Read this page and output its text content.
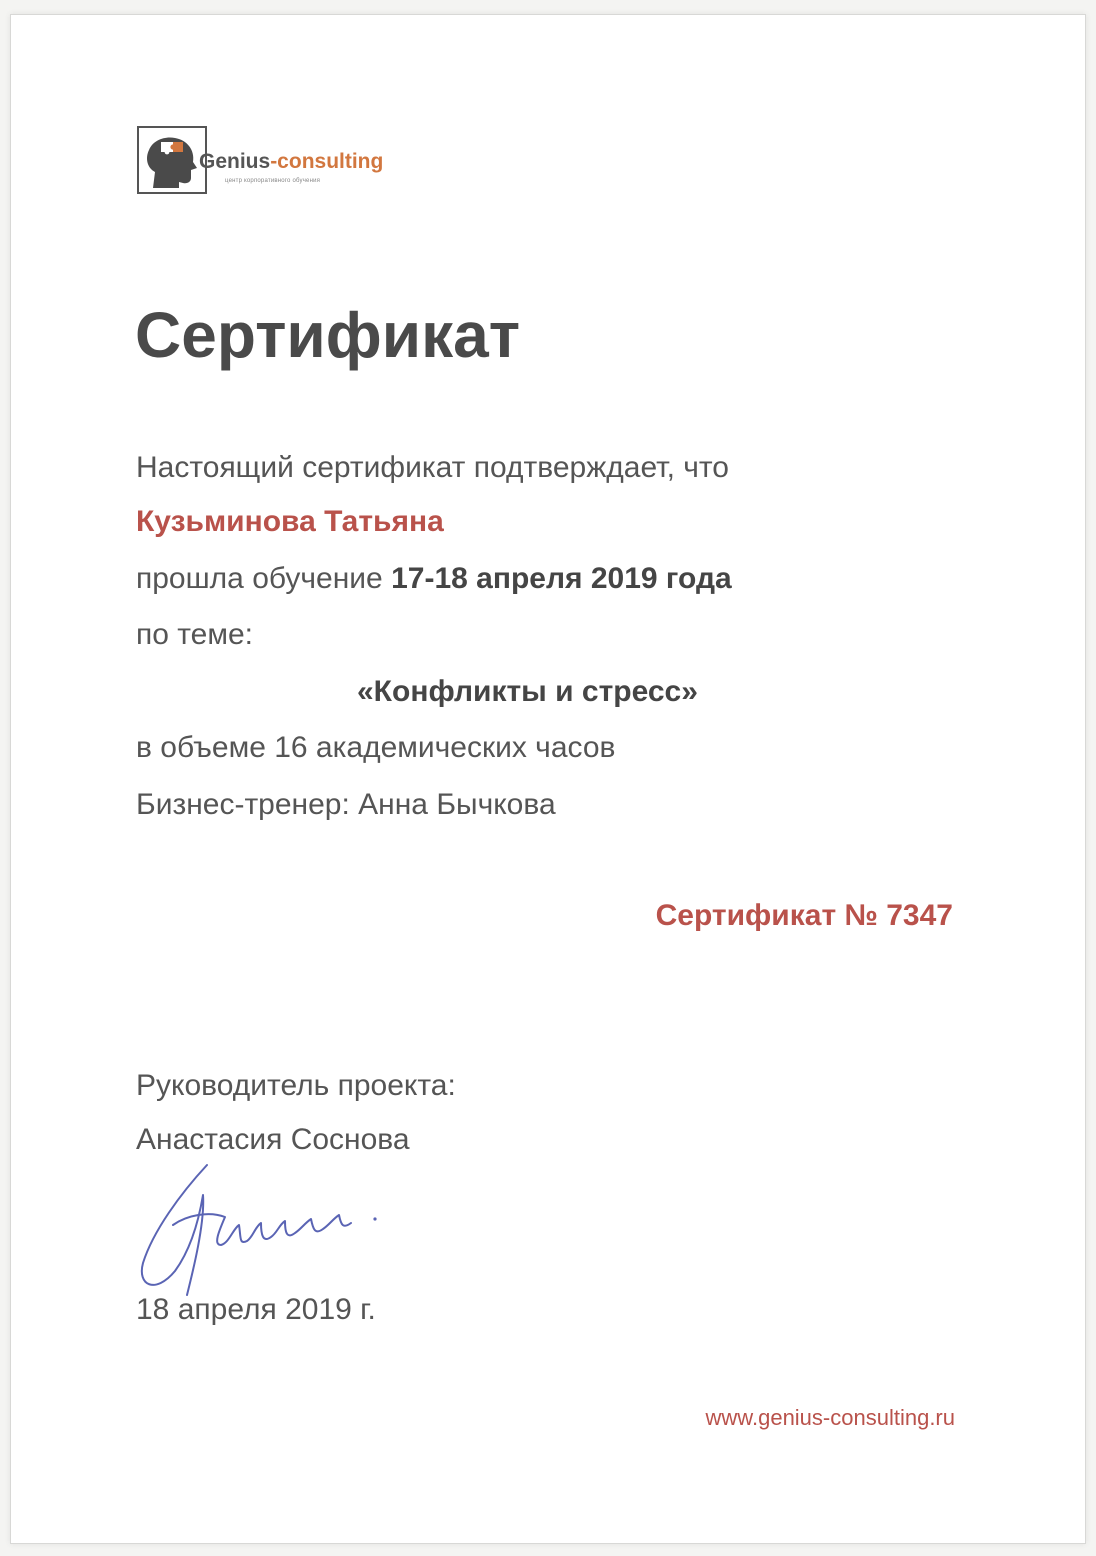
Genius-consulting
центр корпоративного обучения
Сертификат
Настоящий сертификат подтверждает, что
Кузьминова Татьяна
прошла обучение 17-18 апреля 2019 года
по теме:
«Конфликты и стресс»
в объеме 16 академических часов
Бизнес-тренер: Анна Бычкова
Сертификат № 7347
Руководитель проекта:
Анастасия Соснова
18 апреля 2019 г.
www.genius-consulting.ru
